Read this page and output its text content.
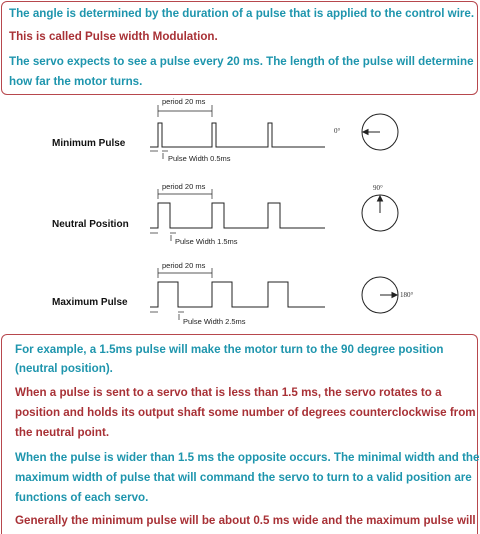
The angle is determined by the duration of a pulse that is applied to the control wire.

This is called Pulse width Modulation.

The servo expects to see a pulse every 20 ms. The length of the pulse will determine

how far the motor turns.

Minimum Pulse
period 20 ms
Pulse Width 0.5ms
0°
Neutral Position
period 20 ms
Pulse Width 1.5ms
90°
Maximum Pulse
period 20 ms
Pulse Width 2.5ms
180°

For example, a 1.5ms pulse will make the motor turn to the 90 degree position

(neutral position).

When a pulse is sent to a servo that is less than 1.5 ms, the servo rotates to a

position and holds its output shaft some number of degrees counterclockwise from

the neutral point.

When the pulse is wider than 1.5 ms the opposite occurs. The minimal width and the

maximum width of pulse that will command the servo to turn to a valid position are

functions of each servo.

Generally the minimum pulse will be about 0.5 ms wide and the maximum pulse will
